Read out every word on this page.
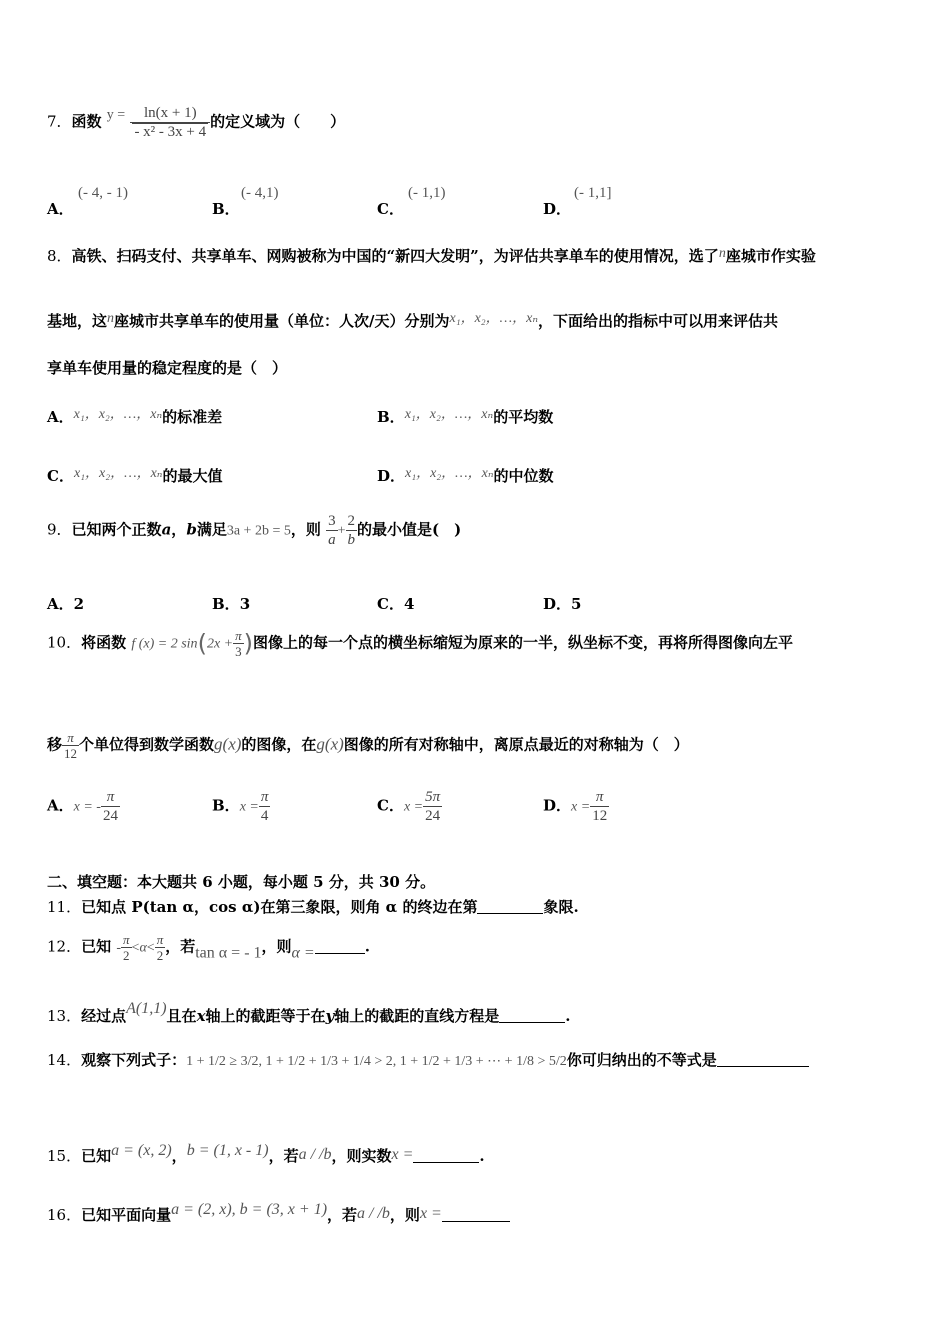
7．函数 $y = \frac{\ln(x + 1)}{\text{- x² - 3x + 4}}$ 的定义域为（　　）
A．
(- 4, - 1)
B．
(- 4,1)
C．
(- 1,1)
D．
(- 1,1]
8．高铁、扫码支付、共享单车、网购被称为中国的“新四大发明”，为评估共享单车的使用情况，选了n座城市作实验
基地，这n座城市共享单车的使用量（单位：人次/天）分别为x₁，x₂，…，xₙ，下面给出的指标中可以用来评估共
享单车使用量的稳定程度的是（　）
A．x₁，x₂，…，xₙ的标准差	B．x₁，x₂，…，xₙ的平均数
C．x₁，x₂，…，xₙ的最大值	D．x₁，x₂，…，xₙ的中位数
9．已知两个正数a，b满足3a + 2b = 5，则 $\frac{3}{a} + \frac{2}{b}$ 的最小值是(　)
A．2	B．3	C．4	D．5
10．将函数 f (x) = 2 $\sin(2x + \frac{\pi}{3}$ )图像上的每一个点的横坐标缩短为原来的一半，纵坐标不变，再将所得图像向左平
移 $\frac{\pi}{12}$ 个单位得到数学函数g(x)的图像，在g(x)图像的所有对称轴中，离原点最近的对称轴为（　）
A．x = - $\frac{\pi}{24}$	B．$x = \frac{\pi}{4}$	C．$x = \frac{5\pi}{24}$	D．$x = \frac{\pi}{12}$
二、填空题：本大题共 6 小题，每小题 5 分，共 30 分。
11．已知点 P(tan α，cos α)在第三象限，则角 α 的终边在第	象限.
12．已知 - $\frac{\pi}{2} <\alpha< \frac{\pi}{2}$ ，若tan α = - 1，则α =	.
13．经过点A(1,1)且在x轴上的截距等于在y轴上的截距的直线方程是	.
14．观察下列式子：1 + 1/2 ≥ 3/2, 1 + 1/2 + 1/3 + 1/4 > 2, 1 + 1/2 + 1/3 + ⋯ + 1/8 > 5/2你可归纳出的不等式是
15．已知a = (x, 2)，b = (1, x - 1)，若a / /b，则实数x =	.
16．已知平面向量a = (2, x), b = (3, x + 1)，若a / /b，则x =
